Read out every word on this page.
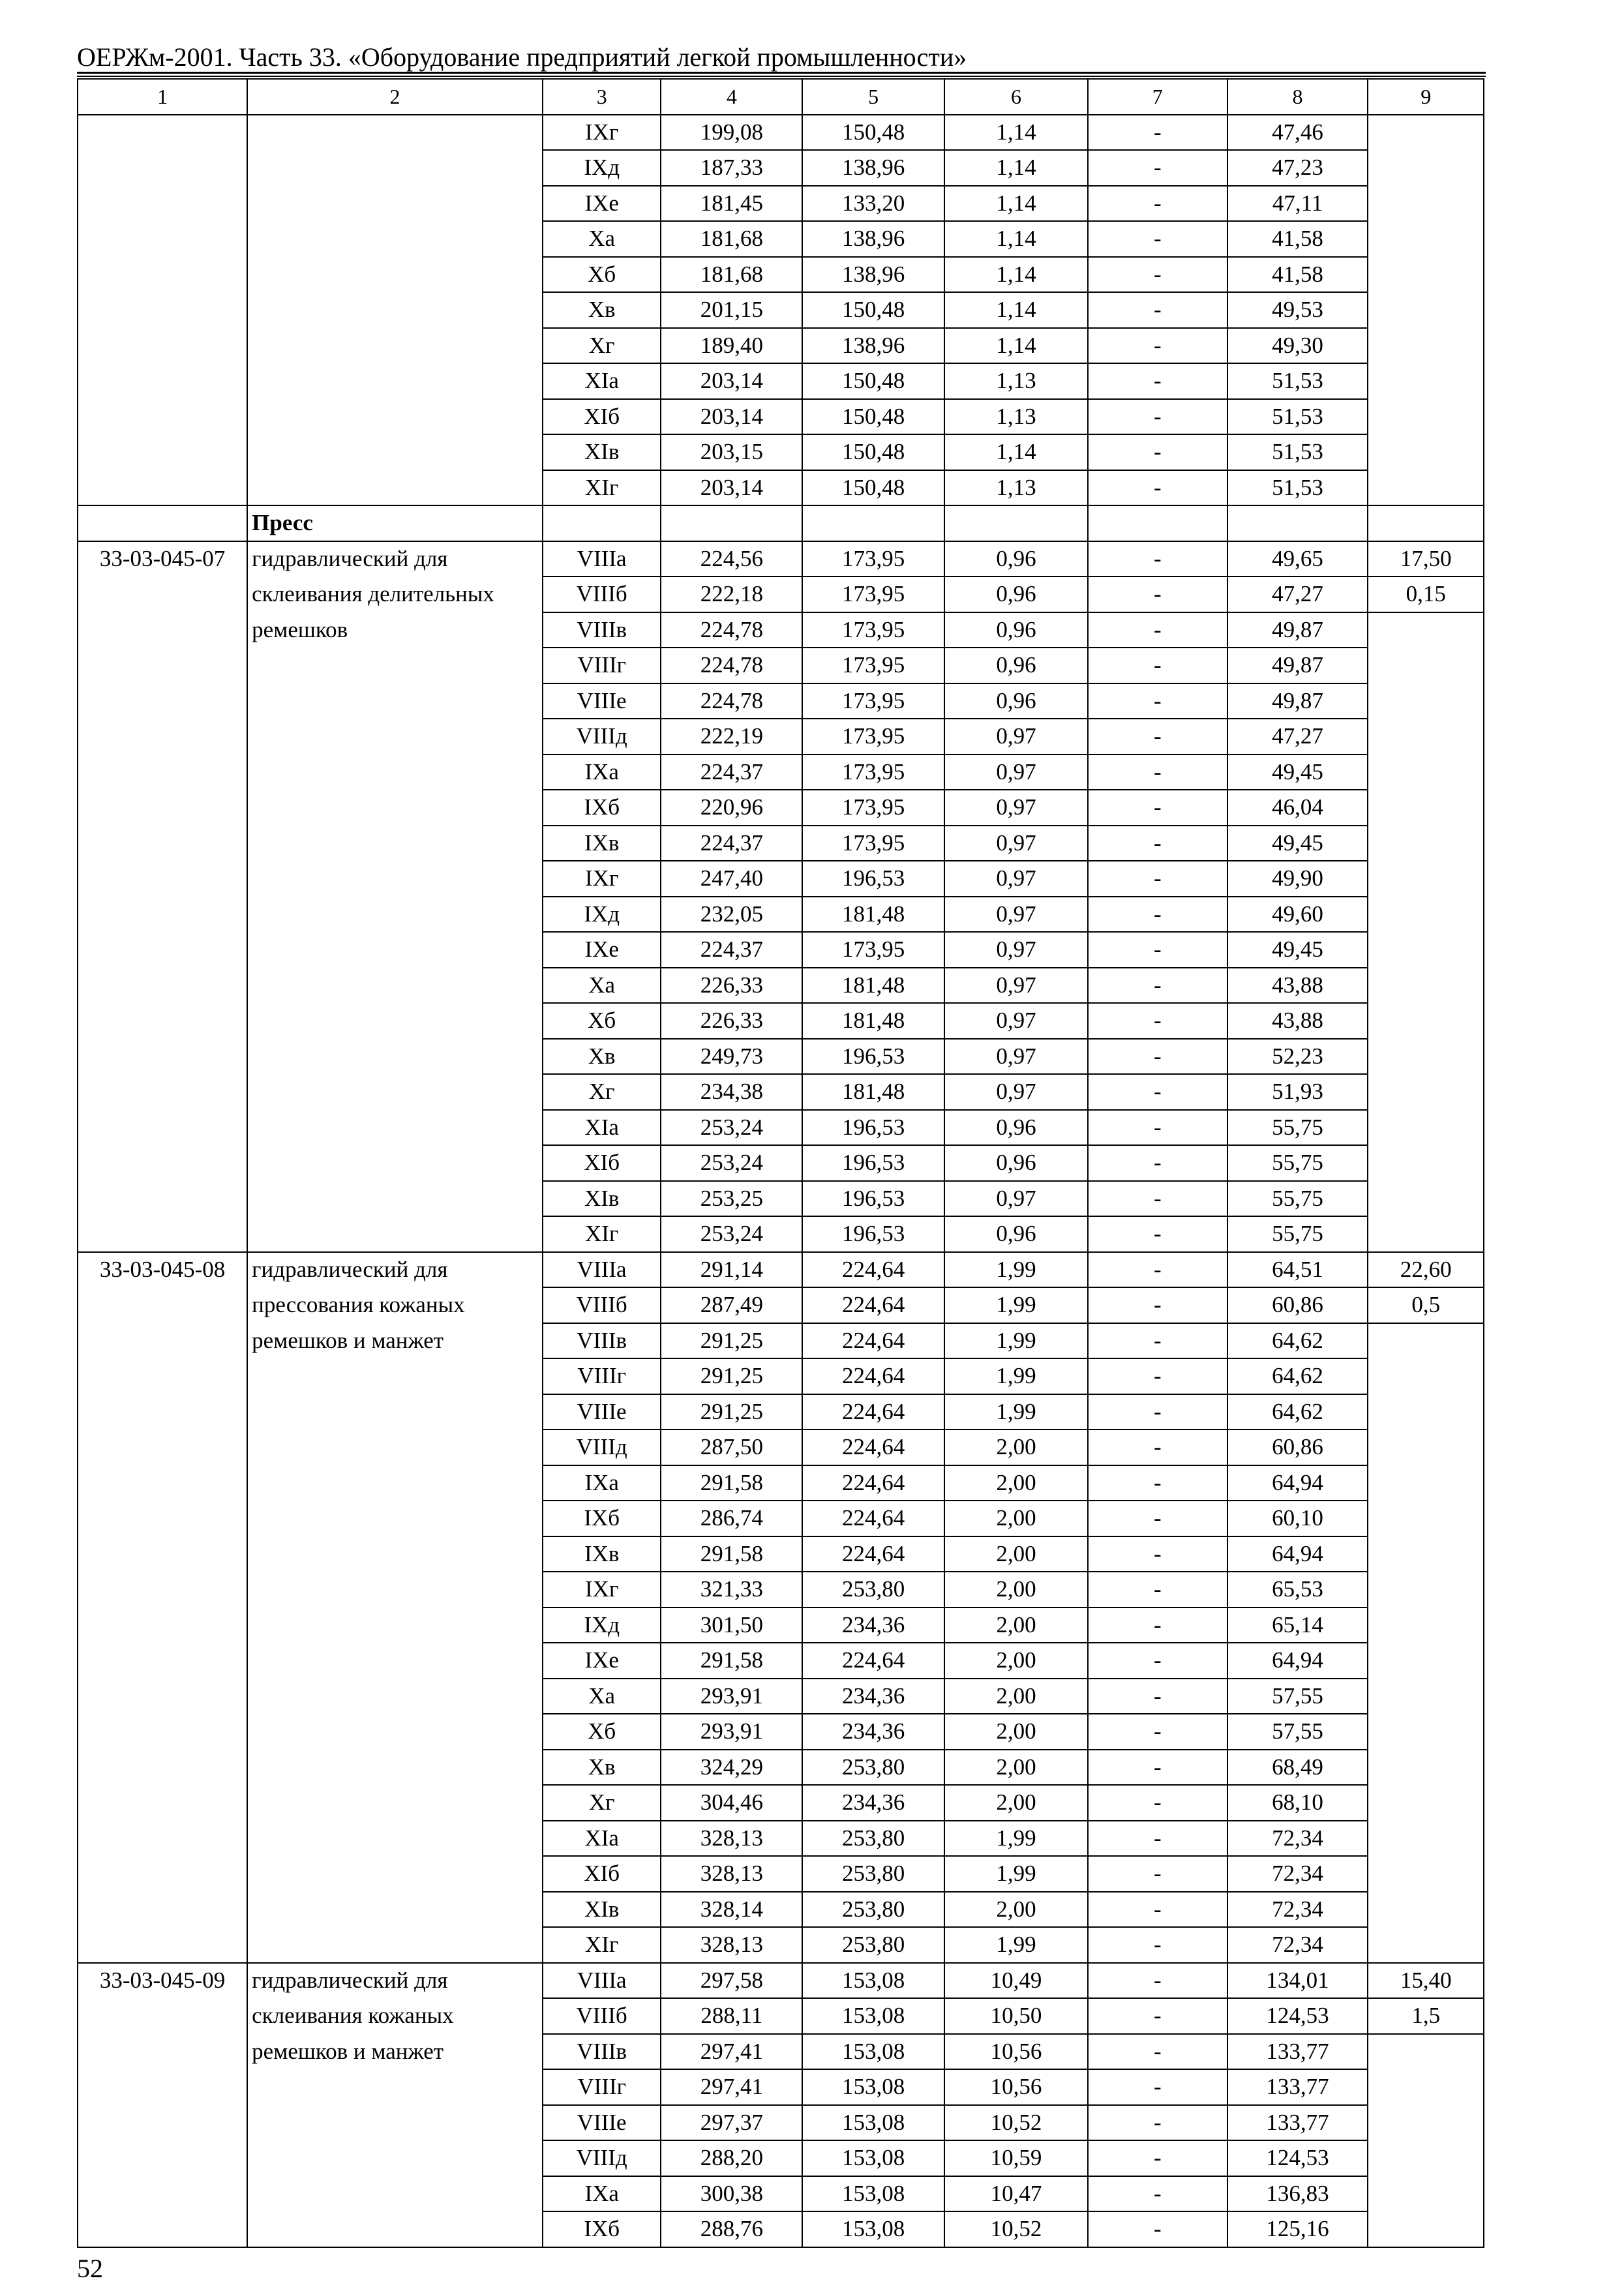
ОЕРЖм-2001. Часть 33. «Оборудование предприятий легкой промышленности»
1	2	3	4	5	6	7	8	9
		IXг	199,08	150,48	1,14	-	47,46	
		IXд	187,33	138,96	1,14	-	47,23	
		IXе	181,45	133,20	1,14	-	47,11	
		Xа	181,68	138,96	1,14	-	41,58	
		Xб	181,68	138,96	1,14	-	41,58	
		Xв	201,15	150,48	1,14	-	49,53	
		Xг	189,40	138,96	1,14	-	49,30	
		XIа	203,14	150,48	1,13	-	51,53	
		XIб	203,14	150,48	1,13	-	51,53	
		XIв	203,15	150,48	1,14	-	51,53	
		XIг	203,14	150,48	1,13	-	51,53	
	Пресс							
33-03-045-07	гидравлический для	VIIIа	224,56	173,95	0,96	-	49,65	17,50
	склеивания делительных	VIIIб	222,18	173,95	0,96	-	47,27	0,15
	ремешков	VIIIв	224,78	173,95	0,96	-	49,87	
		VIIIг	224,78	173,95	0,96	-	49,87	
		VIIIе	224,78	173,95	0,96	-	49,87	
		VIIIд	222,19	173,95	0,97	-	47,27	
		IXа	224,37	173,95	0,97	-	49,45	
		IXб	220,96	173,95	0,97	-	46,04	
		IXв	224,37	173,95	0,97	-	49,45	
		IXг	247,40	196,53	0,97	-	49,90	
		IXд	232,05	181,48	0,97	-	49,60	
		IXе	224,37	173,95	0,97	-	49,45	
		Xа	226,33	181,48	0,97	-	43,88	
		Xб	226,33	181,48	0,97	-	43,88	
		Xв	249,73	196,53	0,97	-	52,23	
		Xг	234,38	181,48	0,97	-	51,93	
		XIа	253,24	196,53	0,96	-	55,75	
		XIб	253,24	196,53	0,96	-	55,75	
		XIв	253,25	196,53	0,97	-	55,75	
		XIг	253,24	196,53	0,96	-	55,75	
33-03-045-08	гидравлический для	VIIIа	291,14	224,64	1,99	-	64,51	22,60
	прессования кожаных	VIIIб	287,49	224,64	1,99	-	60,86	0,5
	ремешков и манжет	VIIIв	291,25	224,64	1,99	-	64,62	
		VIIIг	291,25	224,64	1,99	-	64,62	
		VIIIе	291,25	224,64	1,99	-	64,62	
		VIIIд	287,50	224,64	2,00	-	60,86	
		IXа	291,58	224,64	2,00	-	64,94	
		IXб	286,74	224,64	2,00	-	60,10	
		IXв	291,58	224,64	2,00	-	64,94	
		IXг	321,33	253,80	2,00	-	65,53	
		IXд	301,50	234,36	2,00	-	65,14	
		IXе	291,58	224,64	2,00	-	64,94	
		Xа	293,91	234,36	2,00	-	57,55	
		Xб	293,91	234,36	2,00	-	57,55	
		Xв	324,29	253,80	2,00	-	68,49	
		Xг	304,46	234,36	2,00	-	68,10	
		XIа	328,13	253,80	1,99	-	72,34	
		XIб	328,13	253,80	1,99	-	72,34	
		XIв	328,14	253,80	2,00	-	72,34	
		XIг	328,13	253,80	1,99	-	72,34	
33-03-045-09	гидравлический для	VIIIа	297,58	153,08	10,49	-	134,01	15,40
	склеивания кожаных	VIIIб	288,11	153,08	10,50	-	124,53	1,5
	ремешков и манжет	VIIIв	297,41	153,08	10,56	-	133,77	
		VIIIг	297,41	153,08	10,56	-	133,77	
		VIIIе	297,37	153,08	10,52	-	133,77	
		VIIIд	288,20	153,08	10,59	-	124,53	
		IXа	300,38	153,08	10,47	-	136,83	
		IXб	288,76	153,08	10,52	-	125,16	
52
